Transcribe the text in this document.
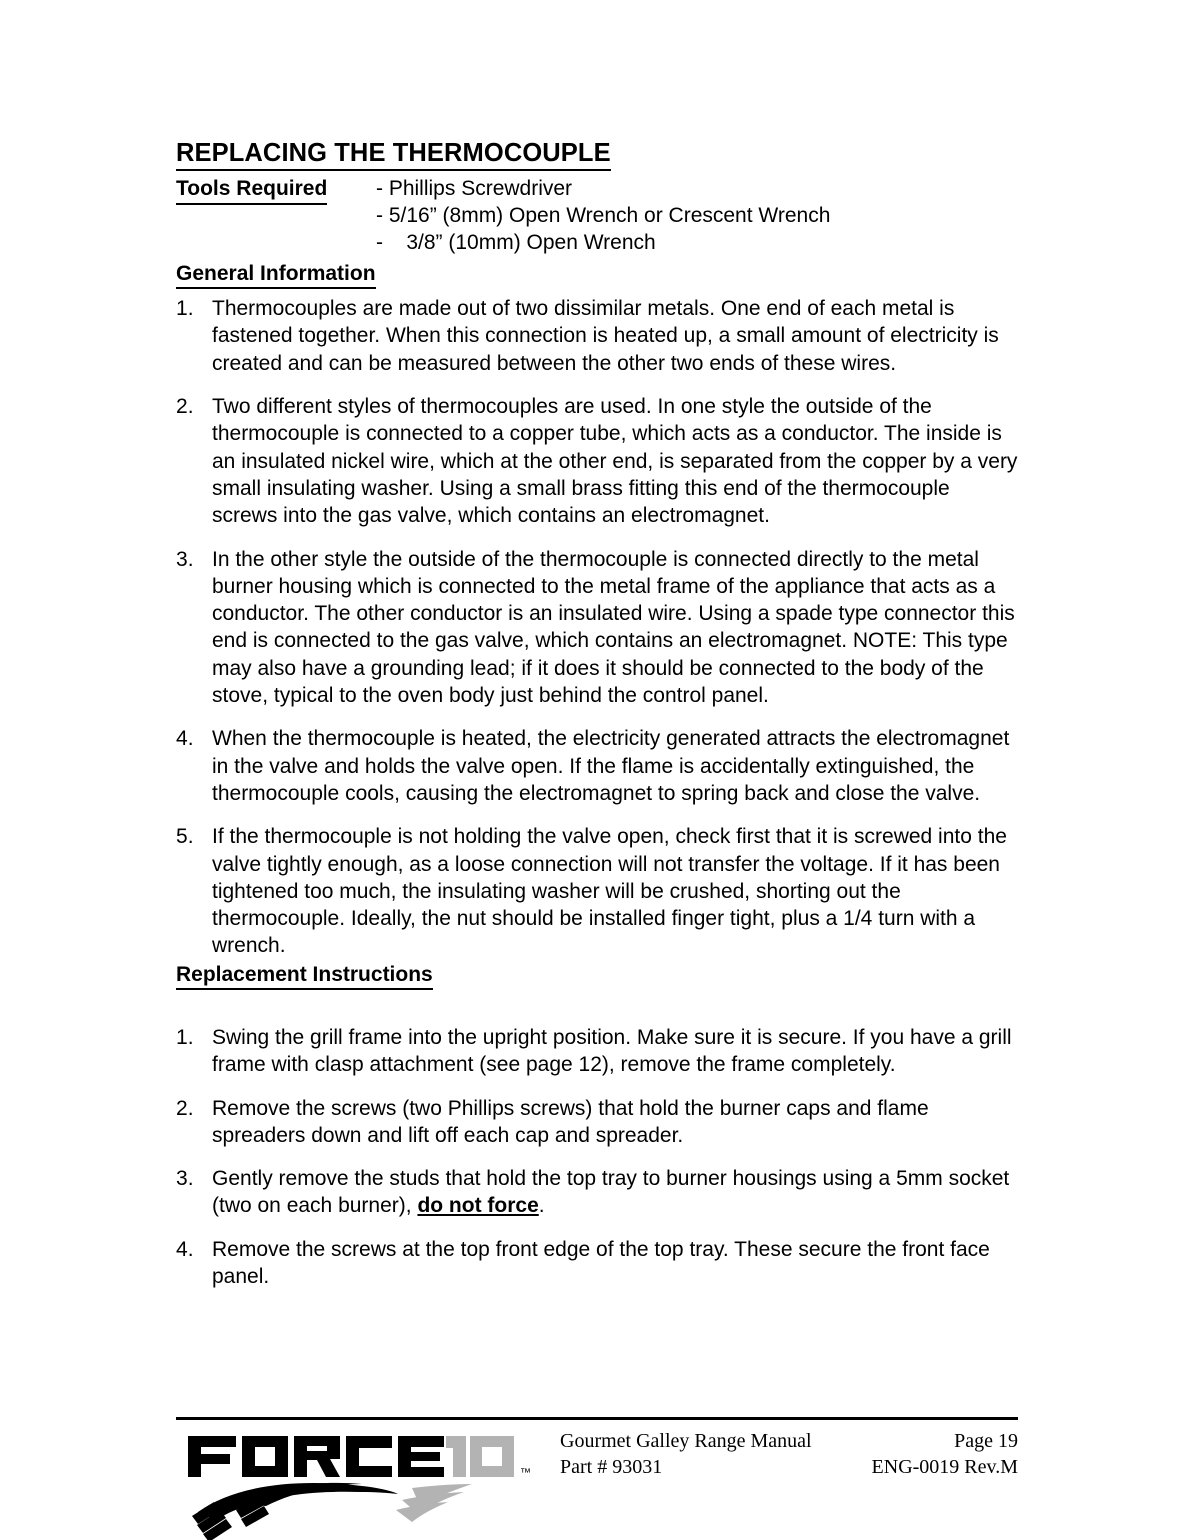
REPLACING THE THERMOCOUPLE
Tools Required - Phillips Screwdriver
- 5/16” (8mm) Open Wrench or Crescent Wrench
-    3/8” (10mm) Open Wrench
General Information
Thermocouples are made out of two dissimilar metals. One end of each metal is fastened together. When this connection is heated up, a small amount of electricity is created and can be measured between the other two ends of these wires.
Two different styles of thermocouples are used. In one style the outside of the thermocouple is connected to a copper tube, which acts as a conductor. The inside is an insulated nickel wire, which at the other end, is separated from the copper by a very small insulating washer. Using a small brass fitting this end of the thermocouple screws into the gas valve, which contains an electromagnet.
In the other style the outside of the thermocouple is connected directly to the metal burner housing which is connected to the metal frame of the appliance that acts as a conductor. The other conductor is an insulated wire. Using a spade type connector this end is connected to the gas valve, which contains an electromagnet. NOTE: This type may also have a grounding lead; if it does it should be connected to the body of the stove, typical to the oven body just behind the control panel.
When the thermocouple is heated, the electricity generated attracts the electromagnet in the valve and holds the valve open. If the flame is accidentally extinguished, the thermocouple cools, causing the electromagnet to spring back and close the valve.
If the thermocouple is not holding the valve open, check first that it is screwed into the valve tightly enough, as a loose connection will not transfer the voltage. If it has been tightened too much, the insulating washer will be crushed, shorting out the thermocouple. Ideally, the nut should be installed finger tight, plus a 1/4 turn with a wrench.
Replacement Instructions
Swing the grill frame into the upright position. Make sure it is secure. If you have a grill frame with clasp attachment (see page 12), remove the frame completely.
Remove the screws (two Phillips screws) that hold the burner caps and flame spreaders down and lift off each cap and spreader.
Gently remove the studs that hold the top tray to burner housings using a 5mm socket (two on each burner), do not force.
Remove the screws at the top front edge of the top tray. These secure the front face panel.
™
Gourmet Galley Range Manual	Page 19
Part # 93031	ENG-0019 Rev.M
